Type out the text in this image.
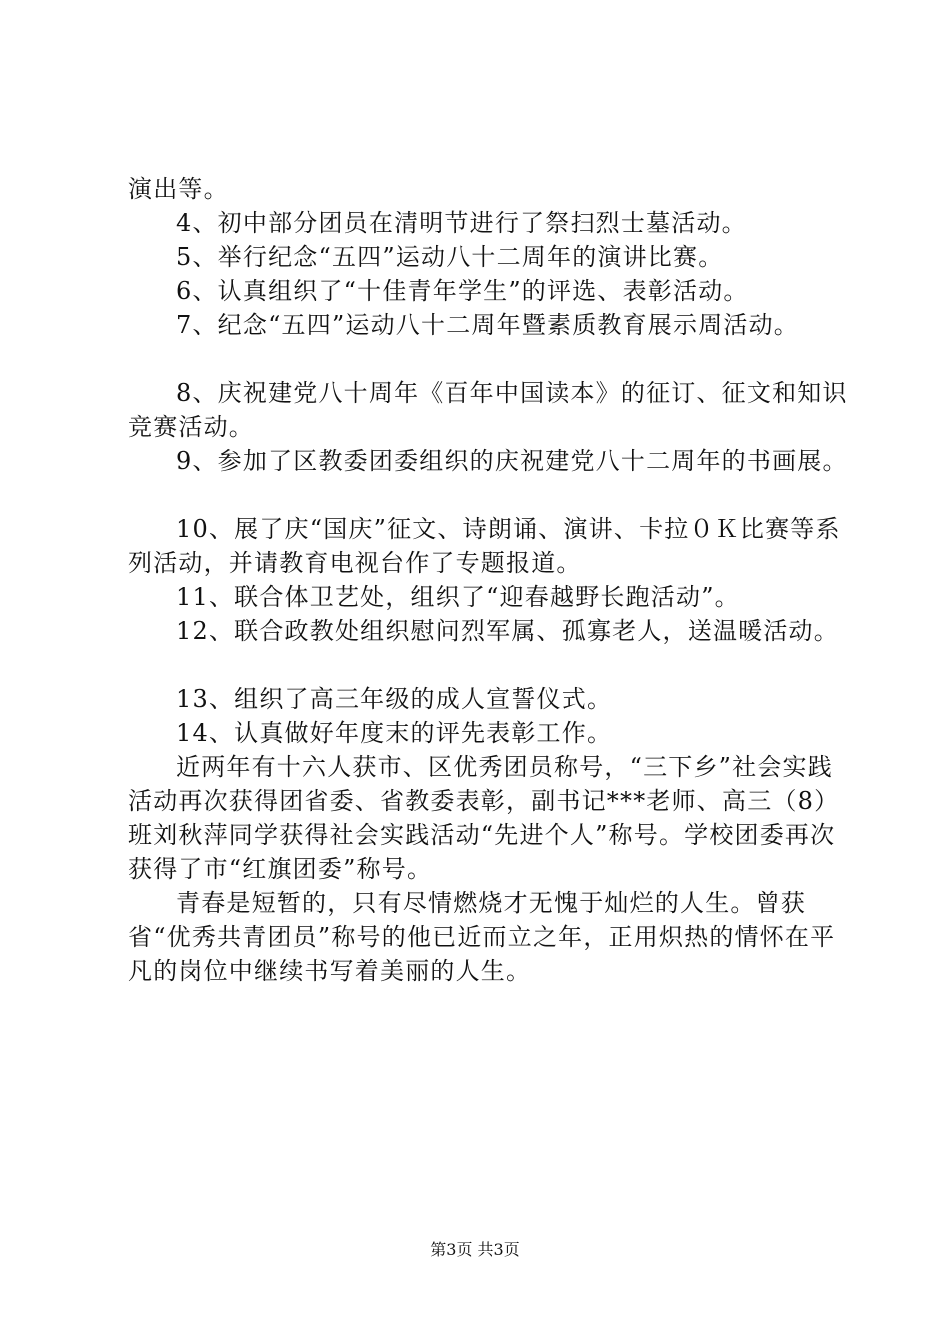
演出等。

4、初中部分团员在清明节进行了祭扫烈士墓活动。

5、举行纪念“五四”运动八十二周年的演讲比赛。

6、认真组织了“十佳青年学生”的评选、表彰活动。

7、纪念“五四”运动八十二周年暨素质教育展示周活动。

8、庆祝建党八十周年《百年中国读本》的征订、征文和知识竞赛活动。

9、参加了区教委团委组织的庆祝建党八十二周年的书画展。

10、展了庆“国庆”征文、诗朗诵、演讲、卡拉０Ｋ比赛等系列活动，并请教育电视台作了专题报道。

11、联合体卫艺处，组织了“迎春越野长跑活动”。

12、联合政教处组织慰问烈军属、孤寡老人，送温暖活动。

13、组织了高三年级的成人宣誓仪式。

14、认真做好年度末的评先表彰工作。

近两年有十六人获市、区优秀团员称号，“三下乡”社会实践活动再次获得团省委、省教委表彰，副书记***老师、高三（8）班刘秋萍同学获得社会实践活动“先进个人”称号。学校团委再次获得了市“红旗团委”称号。

青春是短暂的，只有尽情燃烧才无愧于灿烂的人生。曾获省“优秀共青团员”称号的他已近而立之年，正用炽热的情怀在平凡的岗位中继续书写着美丽的人生。

第3页 共3页
